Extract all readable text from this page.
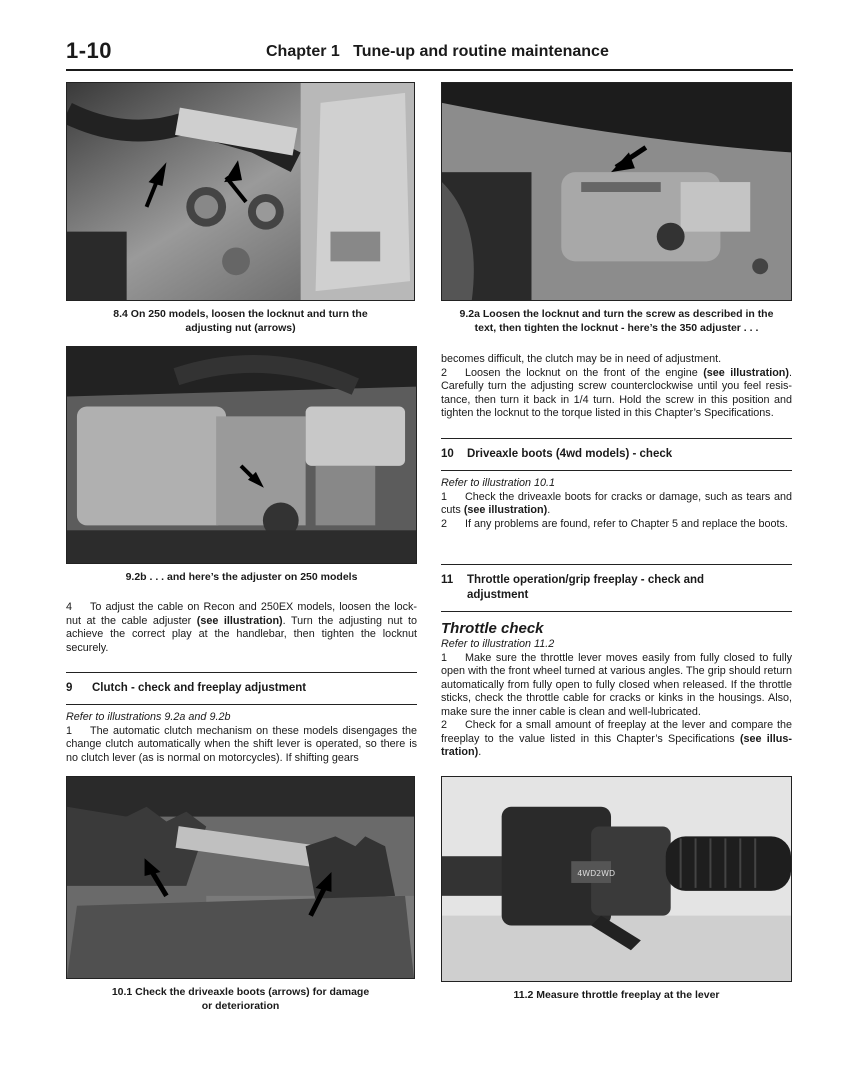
1-10	Chapter 1   Tune-up and routine maintenance
8.4 On 250 models, loosen the locknut and turn the
adjusting nut (arrows)
9.2a Loosen the locknut and turn the screw as described in the
text, then tighten the locknut - here’s the 350 adjuster . . .
9.2b . . . and here’s the adjuster on 250 models

4 To adjust the cable on Recon and 250EX models, loosen the lock-nut at the cable adjuster (see illustration). Turn the adjusting nut to achieve the correct play at the handlebar, then tighten the locknut securely.

9 Clutch - check and freeplay adjustment

Refer to illustrations 9.2a and 9.2b

1 The automatic clutch mechanism on these models disengages the change clutch automatically when the shift lever is operated, so there is no clutch lever (as is normal on motorcycles). If shifting gears

becomes difficult, the clutch may be in need of adjustment.

2 Loosen the locknut on the front of the engine (see illustration). Carefully turn the adjusting screw counterclockwise until you feel resis-tance, then turn it back in 1/4 turn. Hold the screw in this position and tighten the locknut to the torque listed in this Chapter’s Specifications.

10 Driveaxle boots (4wd models) - check

Refer to illustration 10.1

1 Check the driveaxle boots for cracks or damage, such as tears and cuts (see illustration).

2 If any problems are found, refer to Chapter 5 and replace the boots.

11 Throttle operation/grip freeplay - check and
adjustment

Throttle check

Refer to illustration 11.2

1 Make sure the throttle lever moves easily from fully closed to fully open with the front wheel turned at various angles. The grip should return automatically from fully open to fully closed when released. If the throttle sticks, check the throttle cable for cracks or kinks in the housings. Also, make sure the inner cable is clean and well-lubricated.

2 Check for a small amount of freeplay at the lever and compare the freeplay to the value listed in this Chapter’s Specifications (see illus-tration).

10.1 Check the driveaxle boots (arrows) for damage
or deterioration
4WD 2WD
11.2 Measure throttle freeplay at the lever
